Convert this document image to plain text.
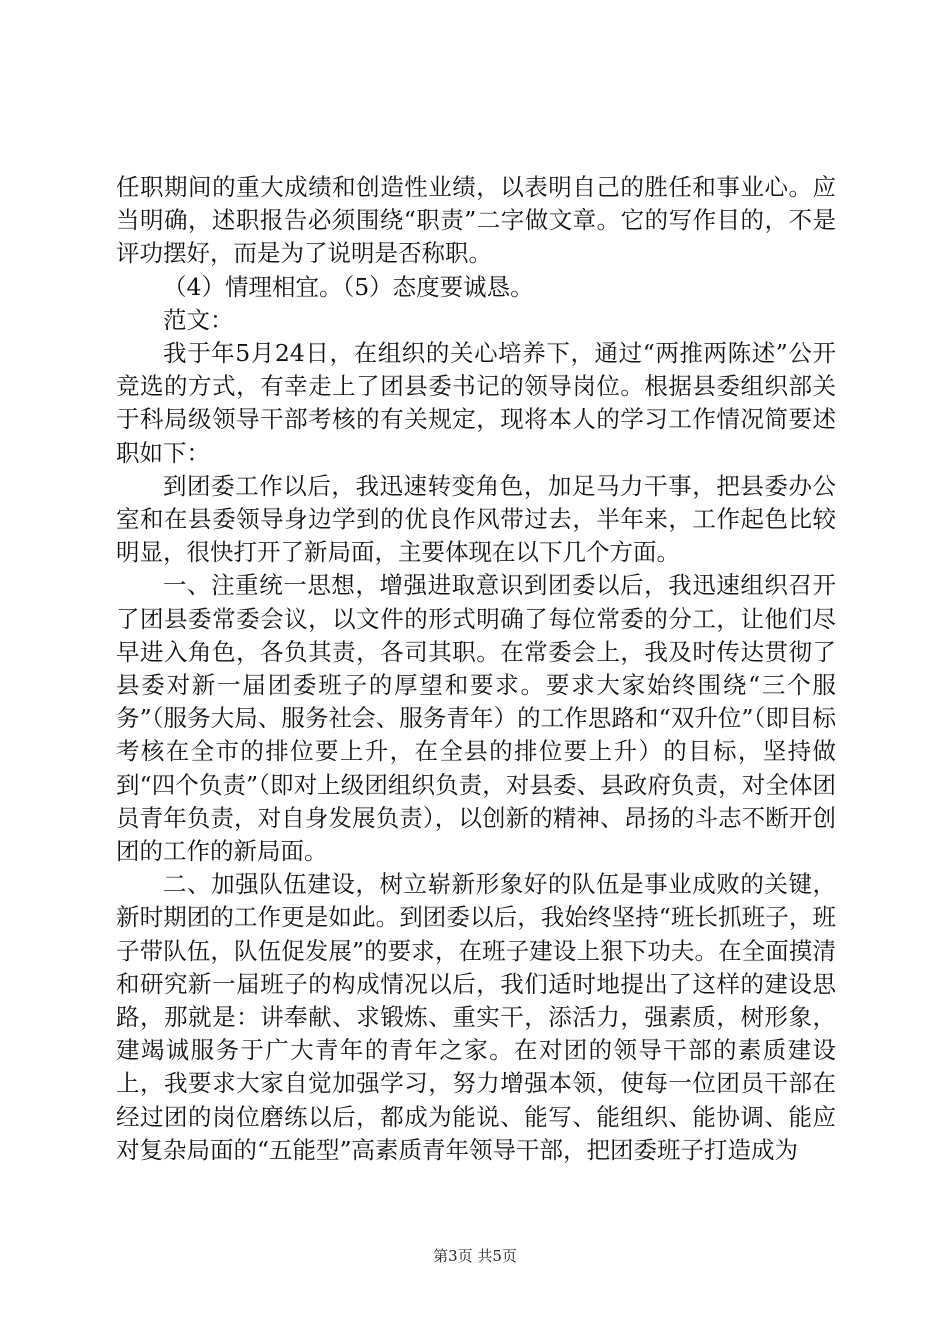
任职期间的重大成绩和创造性业绩，以表明自己的胜任和事业心。应当明确，述职报告必须围绕“职责”二字做文章。它的写作目的，不是评功摆好，而是为了说明是否称职。

（4）情理相宜。（5）态度要诚恳。

范文：

我于年5月24日，在组织的关心培养下，通过“两推两陈述”公开竞选的方式，有幸走上了团县委书记的领导岗位。根据县委组织部关于科局级领导干部考核的有关规定，现将本人的学习工作情况简要述职如下：

到团委工作以后，我迅速转变角色，加足马力干事，把县委办公室和在县委领导身边学到的优良作风带过去，半年来，工作起色比较明显，很快打开了新局面，主要体现在以下几个方面。

一、注重统一思想，增强进取意识到团委以后，我迅速组织召开了团县委常委会议，以文件的形式明确了每位常委的分工，让他们尽早进入角色，各负其责，各司其职。在常委会上，我及时传达贯彻了县委对新一届团委班子的厚望和要求。要求大家始终围绕“三个服务”（服务大局、服务社会、服务青年）的工作思路和“双升位”（即目标考核在全市的排位要上升，在全县的排位要上升）的目标，坚持做到“四个负责”（即对上级团组织负责，对县委、县政府负责，对全体团员青年负责，对自身发展负责），以创新的精神、昂扬的斗志不断开创团的工作的新局面。

二、加强队伍建设，树立崭新形象好的队伍是事业成败的关键，新时期团的工作更是如此。到团委以后，我始终坚持“班长抓班子，班子带队伍，队伍促发展”的要求，在班子建设上狠下功夫。在全面摸清和研究新一届班子的构成情况以后，我们适时地提出了这样的建设思路，那就是：讲奉献、求锻炼、重实干，添活力，强素质，树形象，建竭诚服务于广大青年的青年之家。在对团的领导干部的素质建设上，我要求大家自觉加强学习，努力增强本领，使每一位团员干部在经过团的岗位磨练以后，都成为能说、能写、能组织、能协调、能应对复杂局面的“五能型”高素质青年领导干部，把团委班子打造成为

第3页 共5页
